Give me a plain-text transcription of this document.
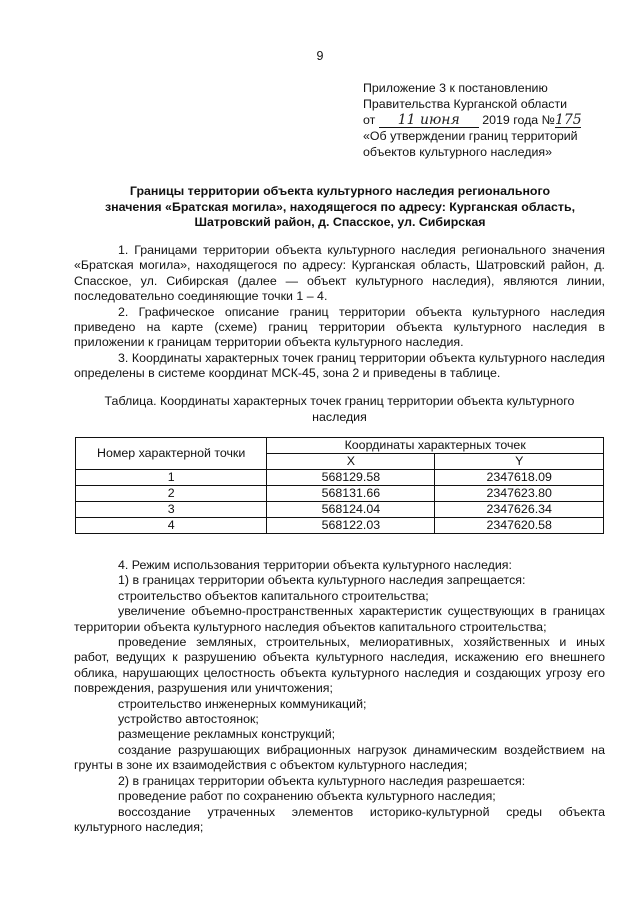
9
Приложение 3 к постановлению
Правительства Курганской области
от 11 июня 2019 года №175
«Об утверждении границ территорий
объектов культурного наследия»
Границы территории объекта культурного наследия регионального
значения «Братская могила», находящегося по адресу: Курганская область,
Шатровский район, д. Спасское, ул. Сибирская

1. Границами территории объекта культурного наследия регионального значения «Братская могила», находящегося по адресу: Курганская область, Шатровский район, д. Спасское, ул. Сибирская (далее — объект культурного наследия), являются линии, последовательно соединяющие точки 1 – 4.

2. Графическое описание границ территории объекта культурного наследия приведено на карте (схеме) границ территории объекта культурного наследия в приложении к границам территории объекта культурного наследия.

3. Координаты характерных точек границ территории объекта культурного наследия определены в системе координат МСК-45, зона 2 и приведены в таблице.

Таблица. Координаты характерных точек границ территории объекта культурного
наследия
Номер характерной точки	Координаты характерных точек	
	X	Y
1	568129.58	2347618.09
2	568131.66	2347623.80
3	568124.04	2347626.34
4	568122.03	2347620.58

4. Режим использования территории объекта культурного наследия:

1) в границах территории объекта культурного наследия запрещается:

строительство объектов капитального строительства;

увеличение объемно-пространственных характеристик существующих в границах территории объекта культурного наследия объектов капитального строительства;

проведение земляных, строительных, мелиоративных, хозяйственных и иных работ, ведущих к разрушению объекта культурного наследия, искажению его внешнего облика, нарушающих целостность объекта культурного наследия и создающих угрозу его повреждения, разрушения или уничтожения;

строительство инженерных коммуникаций;

устройство автостоянок;

размещение рекламных конструкций;

создание разрушающих вибрационных нагрузок динамическим воздействием на грунты в зоне их взаимодействия с объектом культурного наследия;

2) в границах территории объекта культурного наследия разрешается:

проведение работ по сохранению объекта культурного наследия;

воссоздание утраченных элементов историко-культурной среды объекта культурного наследия;
